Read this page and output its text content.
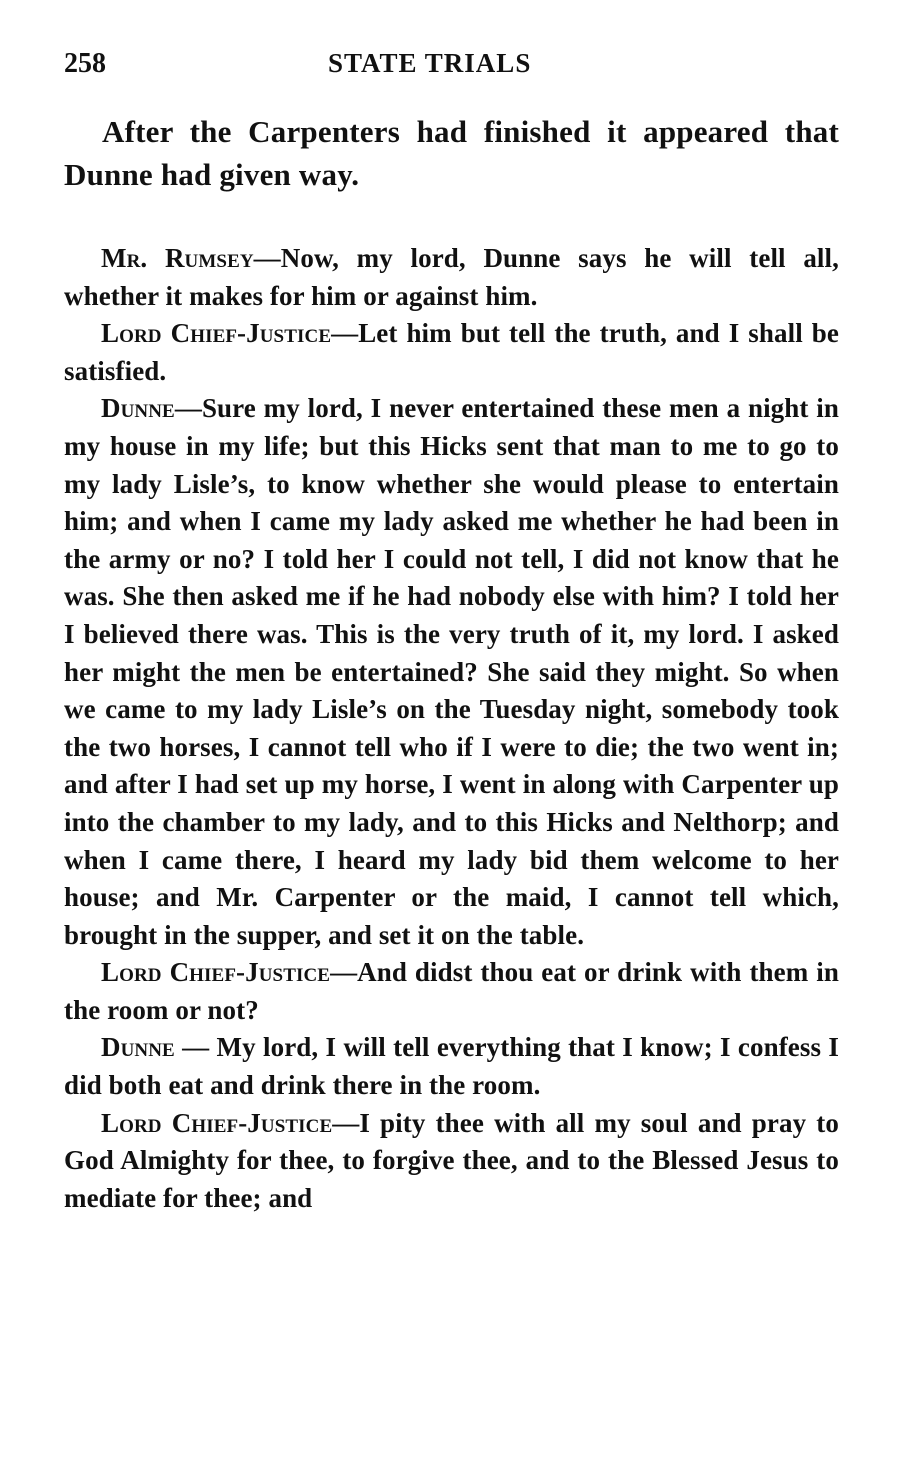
258	STATE TRIALS

After the Carpenters had finished it appeared that Dunne had given way.

Mr. Rumsey—Now, my lord, Dunne says he will tell all, whether it makes for him or against him.

Lord Chief-Justice—Let him but tell the truth, and I shall be satisfied.

Dunne—Sure my lord, I never entertained these men a night in my house in my life; but this Hicks sent that man to me to go to my lady Lisle’s, to know whether she would please to entertain him; and when I came my lady asked me whether he had been in the army or no? I told her I could not tell, I did not know that he was. She then asked me if he had nobody else with him? I told her I believed there was. This is the very truth of it, my lord. I asked her might the men be entertained? She said they might. So when we came to my lady Lisle’s on the Tuesday night, somebody took the two horses, I cannot tell who if I were to die; the two went in; and after I had set up my horse, I went in along with Carpenter up into the chamber to my lady, and to this Hicks and Nelthorp; and when I came there, I heard my lady bid them welcome to her house; and Mr. Carpenter or the maid, I cannot tell which, brought in the supper, and set it on the table.

Lord Chief-Justice—And didst thou eat or drink with them in the room or not?

Dunne — My lord, I will tell everything that I know; I confess I did both eat and drink there in the room.

Lord Chief-Justice—I pity thee with all my soul and pray to God Almighty for thee, to forgive thee, and to the Blessed Jesus to mediate for thee; and
